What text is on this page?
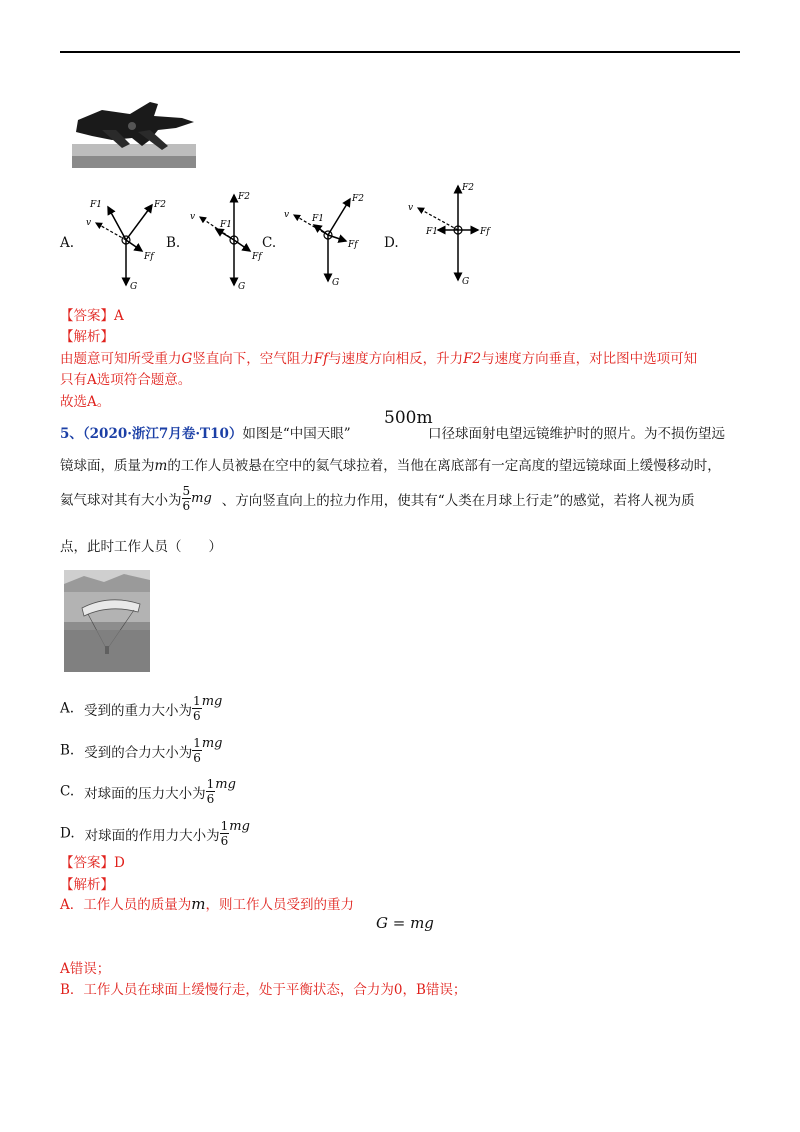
A.
F1	F2
v
Ff
G
B.
F2
v
F1
Ff
G
C.
F2
v	F1
Ff
G
D.
F2
v
F1	Ff
G
【答案】A
【解析】
由题意可知所受重力G竖直向下，空气阻力Ff与速度方向相反，升力F2与速度方向垂直，对比图中选项可知
只有A选项符合题意。
故选A。
5、（2020·浙江7月卷·T10）如图是“中国天眼”
500m
口径球面射电望远镜维护时的照片。为不损伤望远
镜球面，质量为m的工作人员被悬在空中的氦气球拉着，当他在离底部有一定高度的望远镜球面上缓慢移动时，
氦气球对其有大小为 $\frac{5}{6}$ mg 、方向竖直向上的拉力作用，使其有“人类在月球上行走”的感觉，若将人视为质
点，此时工作人员（　　）
A. 受到的重力大小为 $\frac{1}{6}$ mg
B. 受到的合力大小为 $\frac{1}{6}$ mg
C. 对球面的压力大小为 $\frac{1}{6}$ mg
D. 对球面的作用力大小为 $\frac{1}{6}$ mg
【答案】D
【解析】
A．工作人员的质量为m，则工作人员受到的重力
G = mg
A错误；
B．工作人员在球面上缓慢行走，处于平衡状态，合力为0，B错误；
